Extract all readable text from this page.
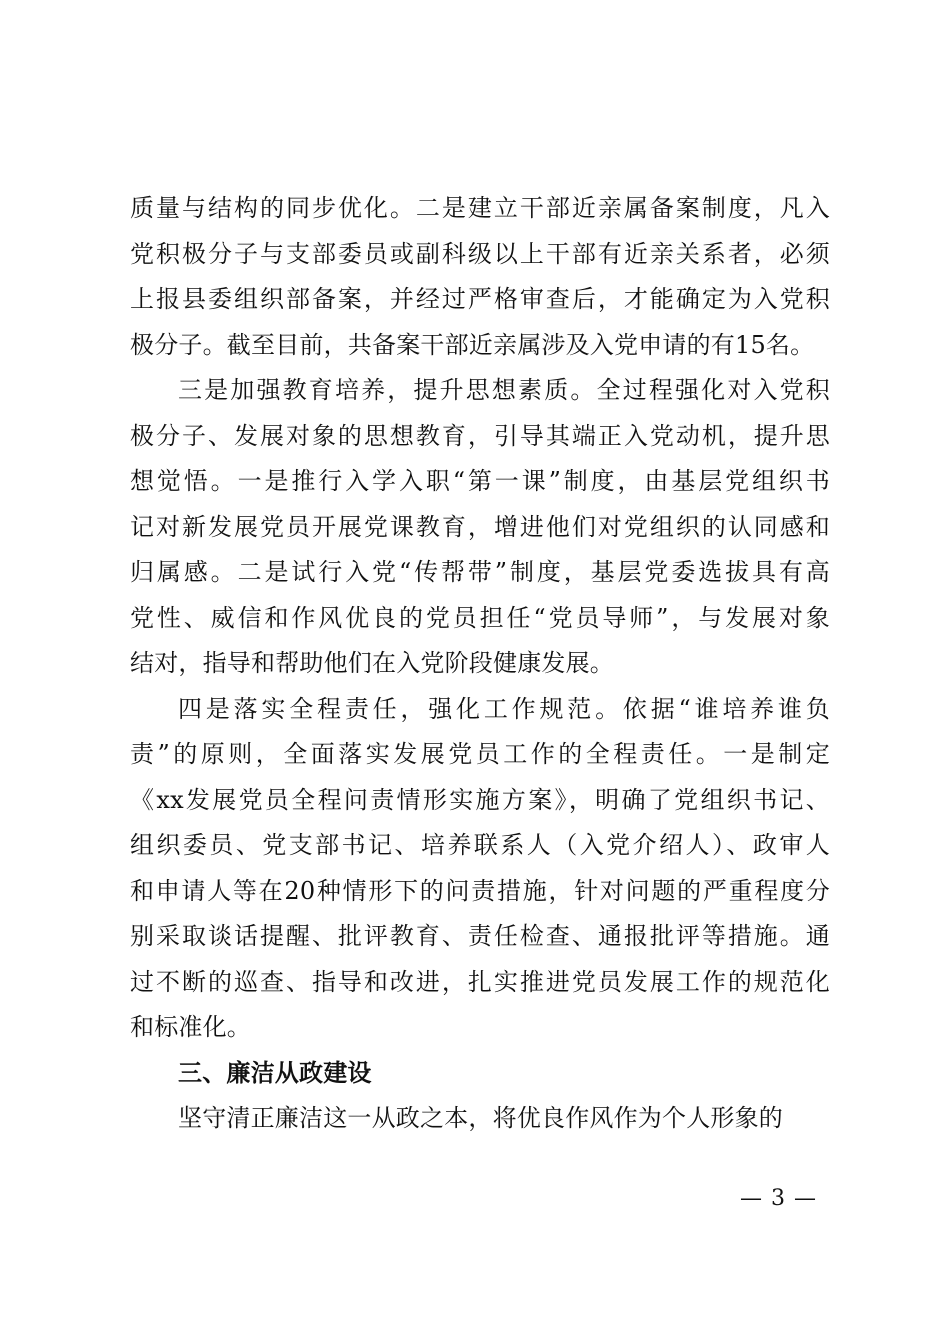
质量与结构的同步优化。二是建立干部近亲属备案制度，凡入
党积极分子与支部委员或副科级以上干部有近亲关系者，必须
上报县委组织部备案，并经过严格审查后，才能确定为入党积
极分子。截至目前，共备案干部近亲属涉及入党申请的有15名。
三是加强教育培养，提升思想素质。全过程强化对入党积
极分子、发展对象的思想教育，引导其端正入党动机，提升思
想觉悟。一是推行入学入职“第一课”制度，由基层党组织书
记对新发展党员开展党课教育，增进他们对党组织的认同感和
归属感。二是试行入党“传帮带”制度，基层党委选拔具有高
党性、威信和作风优良的党员担任“党员导师”，与发展对象
结对，指导和帮助他们在入党阶段健康发展。
四是落实全程责任，强化工作规范。依据“谁培养谁负
责”的原则，全面落实发展党员工作的全程责任。一是制定
《xx发展党员全程问责情形实施方案》，明确了党组织书记、
组织委员、党支部书记、培养联系人（入党介绍人）、政审人
和申请人等在20种情形下的问责措施，针对问题的严重程度分
别采取谈话提醒、批评教育、责任检查、通报批评等措施。通
过不断的巡查、指导和改进，扎实推进党员发展工作的规范化
和标准化。
三、廉洁从政建设
坚守清正廉洁这一从政之本，将优良作风作为个人形象的
— 3 —
